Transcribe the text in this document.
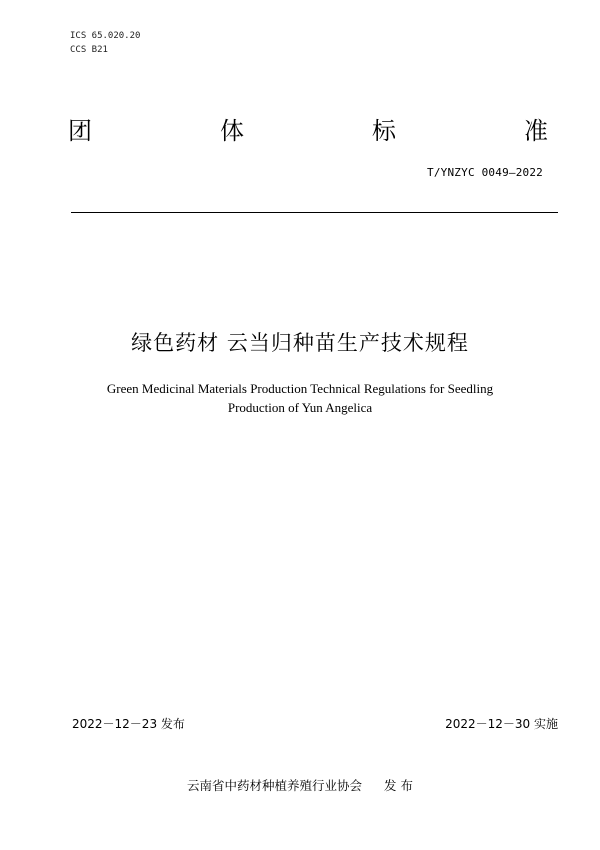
ICS 65.020.20
CCS B21
团	体	标	准
T/YNZYC 0049—2022
绿色药材 云当归种苗生产技术规程
Green Medicinal Materials Production Technical Regulations for Seedling
Production of Yun Angelica
2022－12－23 发布	2022－12－30 实施
云南省中药材种植养殖行业协会 发 布
